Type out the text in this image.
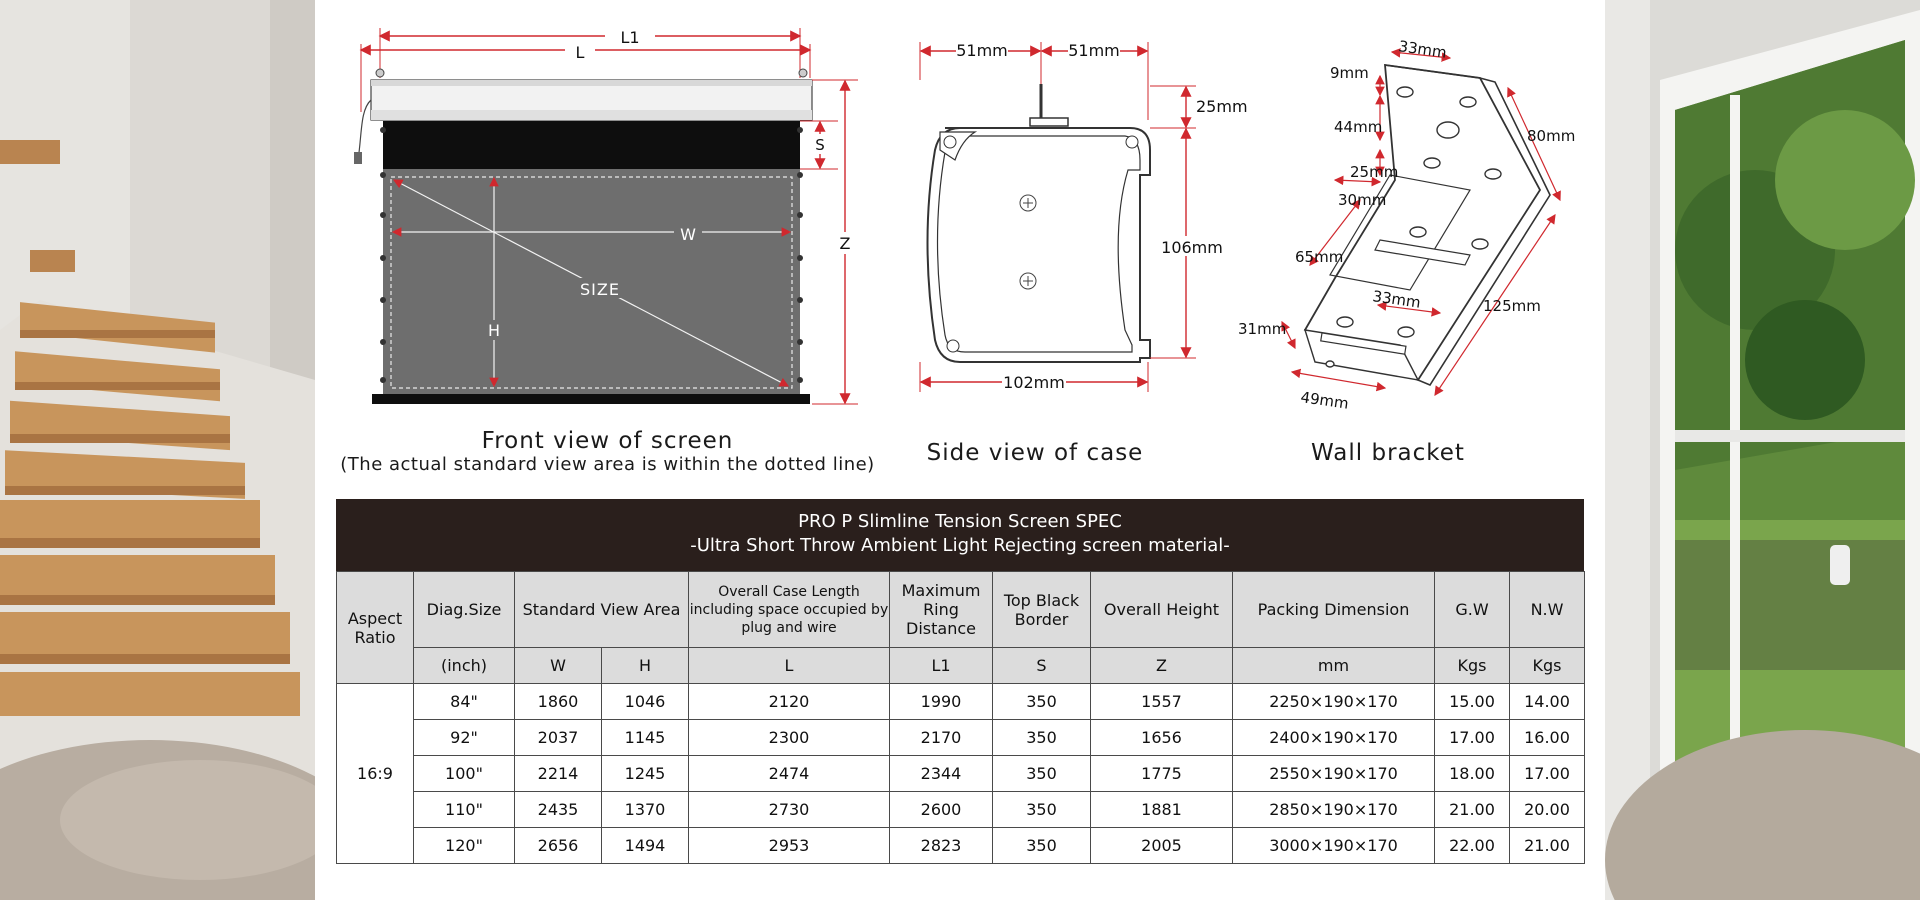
L1
L
W
H
SIZE
S
Z
51mm	51mm
25mm
106mm
102mm
33mm
9mm
44mm	80mm
25mm
30mm
65mm
33mm	125mm
31mm
49mm
Front view of screen
(The actual standard view area is within the dotted line) Side view of case	Wall bracket
PRO P Slimline Tension Screen SPEC
-Ultra Short Throw Ambient Light Rejecting screen material-
Aspect Ratio	Diag.Size	Standard View Area		Overall Case Length including space occupied by plug and wire	Maximum Ring Distance	Top Black Border	Overall Height	Packing Dimension	G.W	N.W
	(inch)	W	H	L	L1	S	Z	mm	Kgs	Kgs
16:9	84"	1860	1046	2120	1990	350	1557	2250×190×170	15.00	14.00
	92"	2037	1145	2300	2170	350	1656	2400×190×170	17.00	16.00
	100"	2214	1245	2474	2344	350	1775	2550×190×170	18.00	17.00
	110"	2435	1370	2730	2600	350	1881	2850×190×170	21.00	20.00
	120"	2656	1494	2953	2823	350	2005	3000×190×170	22.00	21.00
